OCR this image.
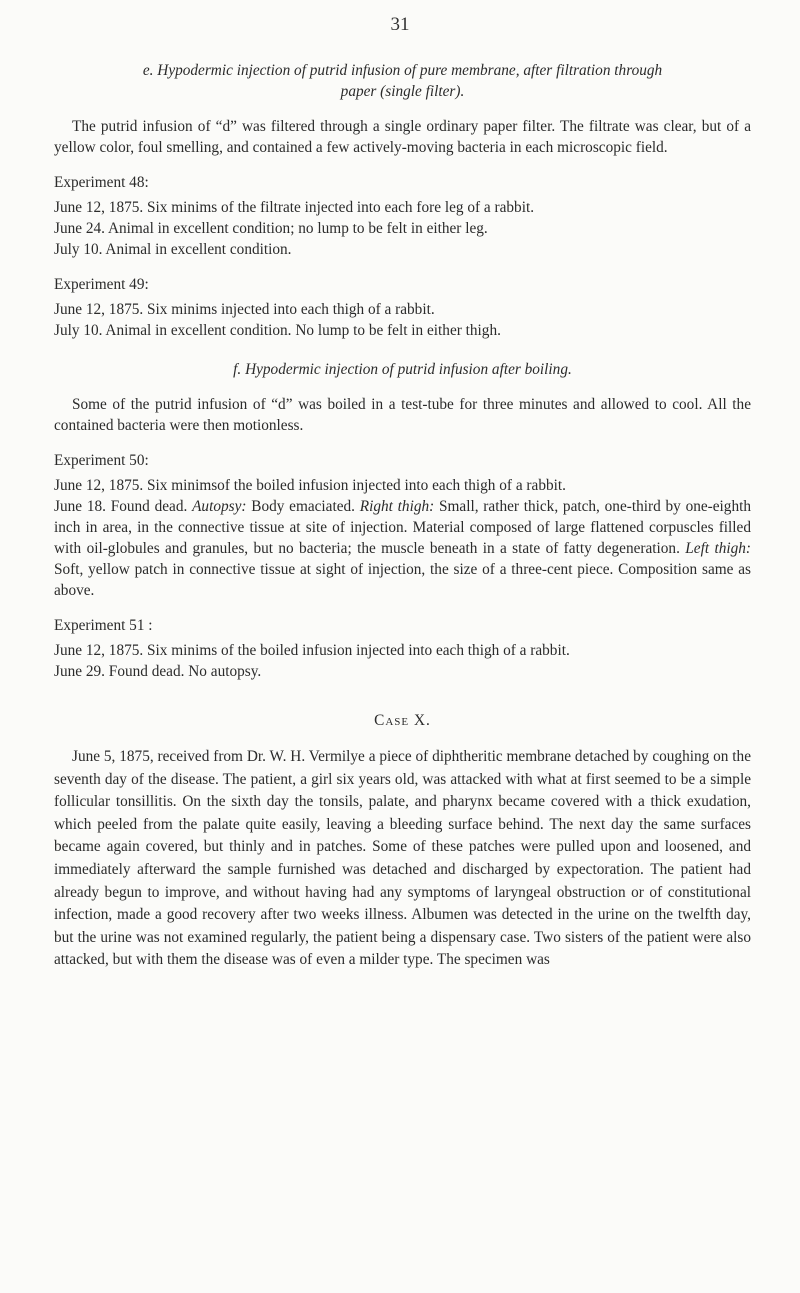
31
e. Hypodermic injection of putrid infusion of pure membrane, after filtration through
paper (single filter).

The putrid infusion of “d” was filtered through a single ordinary paper filter. The filtrate was clear, but of a yellow color, foul smelling, and contained a few actively-moving bacteria in each microscopic field.

Experiment 48:

June 12, 1875. Six minims of the filtrate injected into each fore leg of a rabbit.

June 24. Animal in excellent condition; no lump to be felt in either leg.

July 10. Animal in excellent condition.

Experiment 49:

June 12, 1875. Six minims injected into each thigh of a rabbit.

July 10. Animal in excellent condition. No lump to be felt in either thigh.

f. Hypodermic injection of putrid infusion after boiling.

Some of the putrid infusion of “d” was boiled in a test-tube for three minutes and allowed to cool. All the contained bacteria were then motionless.

Experiment 50:

June 12, 1875. Six minimsof the boiled infusion injected into each thigh of a rabbit.

June 18. Found dead. Autopsy: Body emaciated. Right thigh: Small, rather thick, patch, one-third by one-eighth inch in area, in the connective tissue at site of injection. Material composed of large flattened corpuscles filled with oil-globules and granules, but no bacteria; the muscle beneath in a state of fatty degeneration. Left thigh: Soft, yellow patch in connective tissue at sight of injection, the size of a three-cent piece. Composition same as above.

Experiment 51 :

June 12, 1875. Six minims of the boiled infusion injected into each thigh of a rabbit.

June 29. Found dead. No autopsy.

Case X.

June 5, 1875, received from Dr. W. H. Vermilye a piece of diphtheritic membrane detached by coughing on the seventh day of the disease. The patient, a girl six years old, was attacked with what at first seemed to be a simple follicular tonsillitis. On the sixth day the tonsils, palate, and pharynx became covered with a thick exudation, which peeled from the palate quite easily, leaving a bleeding surface behind. The next day the same surfaces became again covered, but thinly and in patches. Some of these patches were pulled upon and loosened, and immediately afterward the sample furnished was detached and discharged by expectoration. The patient had already begun to improve, and without having had any symptoms of laryngeal obstruction or of constitutional infection, made a good recovery after two weeks illness. Albumen was detected in the urine on the twelfth day, but the urine was not examined regularly, the patient being a dispensary case. Two sisters of the patient were also attacked, but with them the disease was of even a milder type. The specimen was
